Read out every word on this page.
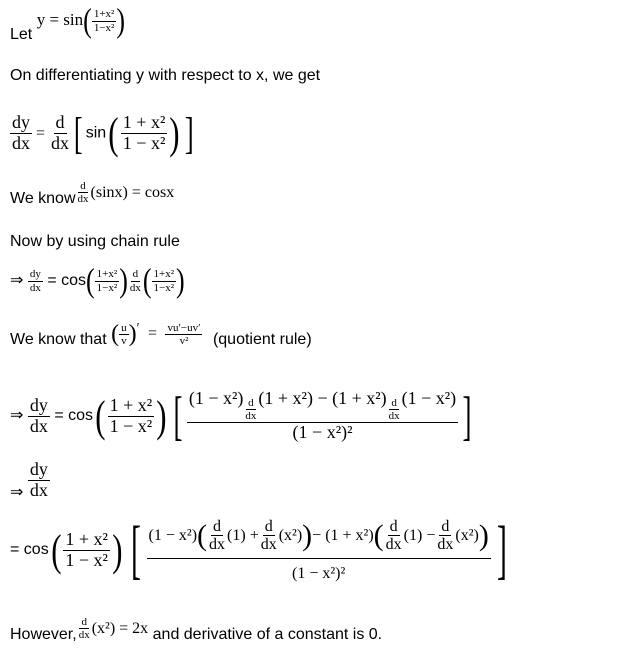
Let $y = \sin( \frac{\text{1+x²}}{\text{1−x²}}$ )
On differentiating y with respect to x, we get
$\frac{dy}{dx} = \frac{d}{dx}$ [ $\sin( \frac{\text{1 + x²}}{\text{1 − x²}}$ ) ]
We know $\frac{d}{dx} (\sin x) = \cos x$
Now by using chain rule
⇒ $\frac{dy}{dx} = \cos( \frac{\text{1+x²}}{\text{1−x²}}$ ) $\frac{d}{dx}$ ( $\frac{\text{1+x²}}{\text{1−x²}}$ )
We know that ( $\frac{u}{v} )' = \frac{vu'-uv'}{\text{v²}}$ (quotient rule)
⇒ $\frac{dy}{dx} = \cos( \frac{\text{1 + x²}}{\text{1 − x²}}$ ) [ $\frac{(1 - x^2) \frac{d}{dx} (1 + x^2) - (1 + x^2) \frac{d}{dx} (1 - x^2)}{\text{(1 − x²)²}}$ ]
⇒ $\frac{dy}{dx}$
= $\cos( \frac{\text{1 + x²}}{\text{1 − x²}}$ ) [ $\frac{(1 - x^2)( \frac{d}{dx} (1) + \frac{d}{dx} (x^2))- (1 + x^2)( \frac{d}{dx} (1) - \frac{d}{dx} (x^2))}{\text{(1 − x²)²}}$ ]
However, $\frac{d}{dx} (x^2) = 2x$ and derivative of a constant is 0.
